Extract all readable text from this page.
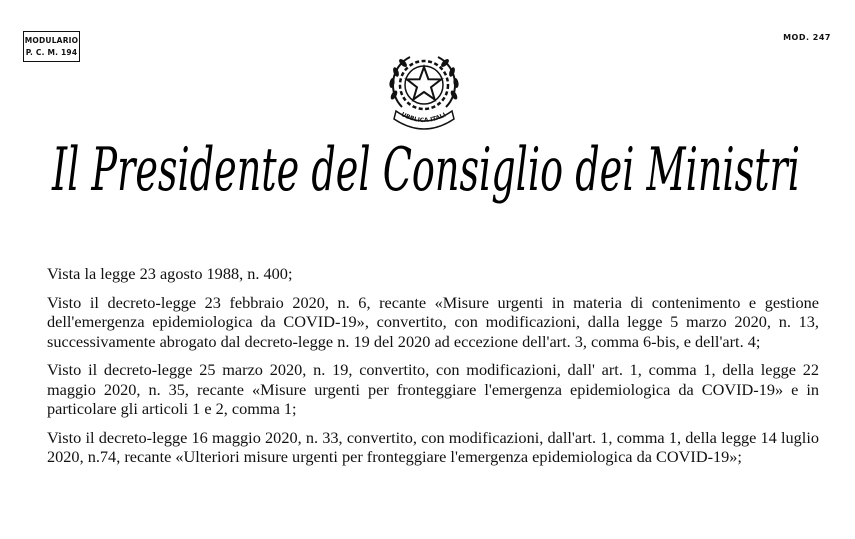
MODULARIO
P. C. M. 194
MOD. 247
UBBLICA ITALI
Il Presidente del Consiglio dei Ministri

Vista la legge 23 agosto 1988, n. 400;

Visto il decreto-legge 23 febbraio 2020, n. 6, recante «Misure urgenti in materia di contenimento e gestione dell'emergenza epidemiologica da COVID-19», convertito, con modificazioni, dalla legge 5 marzo 2020, n. 13, successivamente abrogato dal decreto-legge n. 19 del 2020 ad eccezione dell'art. 3, comma 6-bis, e dell'art. 4;

Visto il decreto-legge 25 marzo 2020, n. 19, convertito, con modificazioni, dall' art. 1, comma 1, della legge 22 maggio 2020, n. 35, recante «Misure urgenti per fronteggiare l'emergenza epidemiologica da COVID-19» e in particolare gli articoli 1 e 2, comma 1;

Visto il decreto-legge 16 maggio 2020, n. 33, convertito, con modificazioni, dall'art. 1, comma 1, della legge 14 luglio 2020, n.74, recante «Ulteriori misure urgenti per fronteggiare l'emergenza epidemiologica da COVID-19»;
